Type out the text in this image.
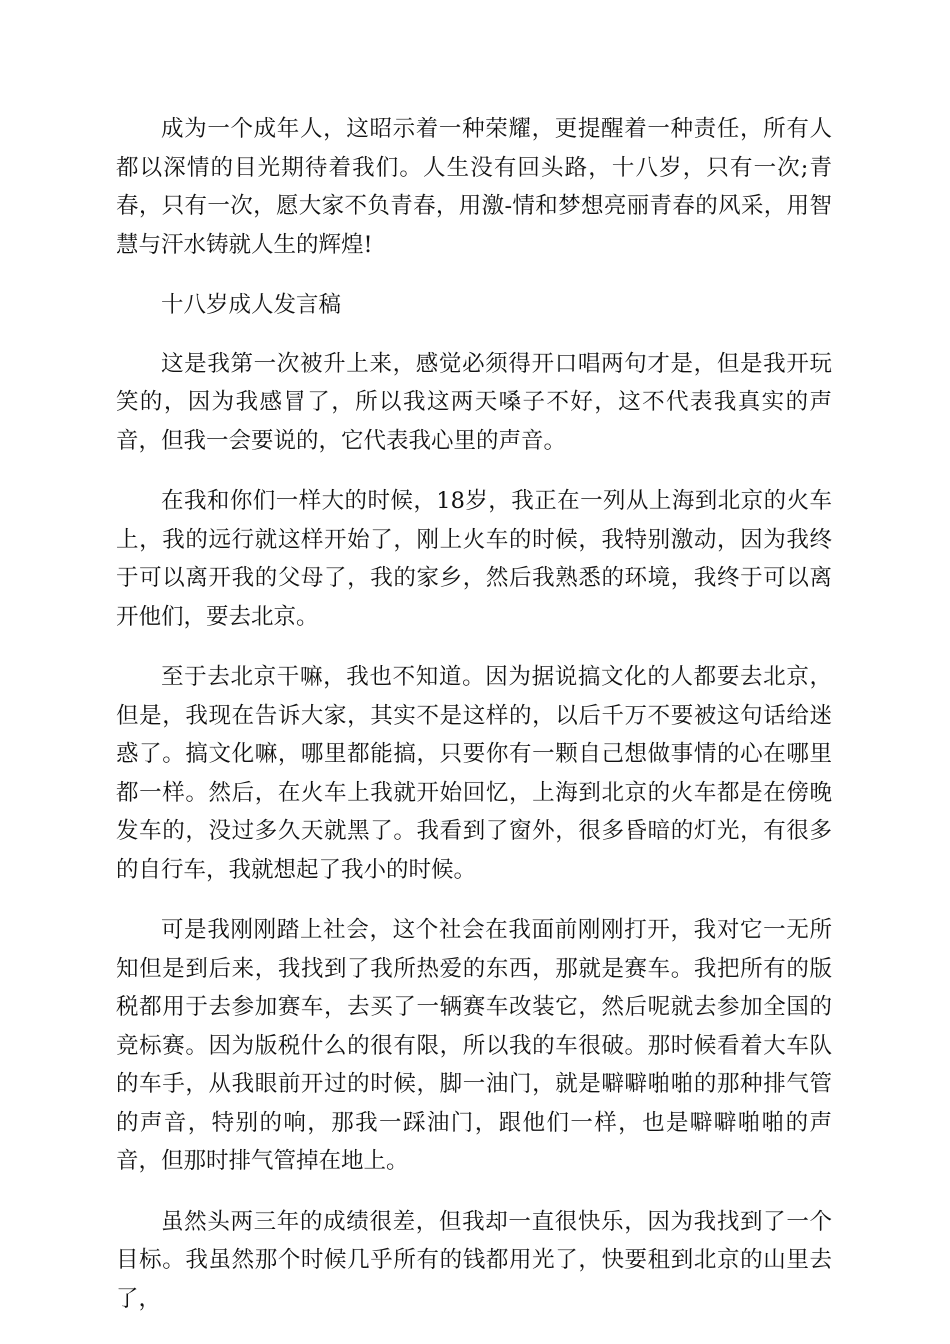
成为一个成年人，这昭示着一种荣耀，更提醒着一种责任，所有人都以深情的目光期待着我们。人生没有回头路，十八岁，只有一次;青春，只有一次，愿大家不负青春，用激-情和梦想亮丽青春的风采，用智慧与汗水铸就人生的辉煌!

十八岁成人发言稿

这是我第一次被升上来，感觉必须得开口唱两句才是，但是我开玩笑的，因为我感冒了，所以我这两天嗓子不好，这不代表我真实的声音，但我一会要说的，它代表我心里的声音。

在我和你们一样大的时候，18岁，我正在一列从上海到北京的火车上，我的远行就这样开始了，刚上火车的时候，我特别激动，因为我终于可以离开我的父母了，我的家乡，然后我熟悉的环境，我终于可以离开他们，要去北京。

至于去北京干嘛，我也不知道。因为据说搞文化的人都要去北京，但是，我现在告诉大家，其实不是这样的，以后千万不要被这句话给迷惑了。搞文化嘛，哪里都能搞，只要你有一颗自己想做事情的心在哪里都一样。然后，在火车上我就开始回忆，上海到北京的火车都是在傍晚发车的，没过多久天就黑了。我看到了窗外，很多昏暗的灯光，有很多的自行车，我就想起了我小的时候。

可是我刚刚踏上社会，这个社会在我面前刚刚打开，我对它一无所知但是到后来，我找到了我所热爱的东西，那就是赛车。我把所有的版税都用于去参加赛车，去买了一辆赛车改装它，然后呢就去参加全国的竞标赛。因为版税什么的很有限，所以我的车很破。那时候看着大车队的车手，从我眼前开过的时候，脚一油门，就是噼噼啪啪的那种排气管的声音，特别的响，那我一踩油门，跟他们一样，也是噼噼啪啪的声音，但那时排气管掉在地上。

虽然头两三年的成绩很差，但我却一直很快乐，因为我找到了一个目标。我虽然那个时候几乎所有的钱都用光了，快要租到北京的山里去了，
